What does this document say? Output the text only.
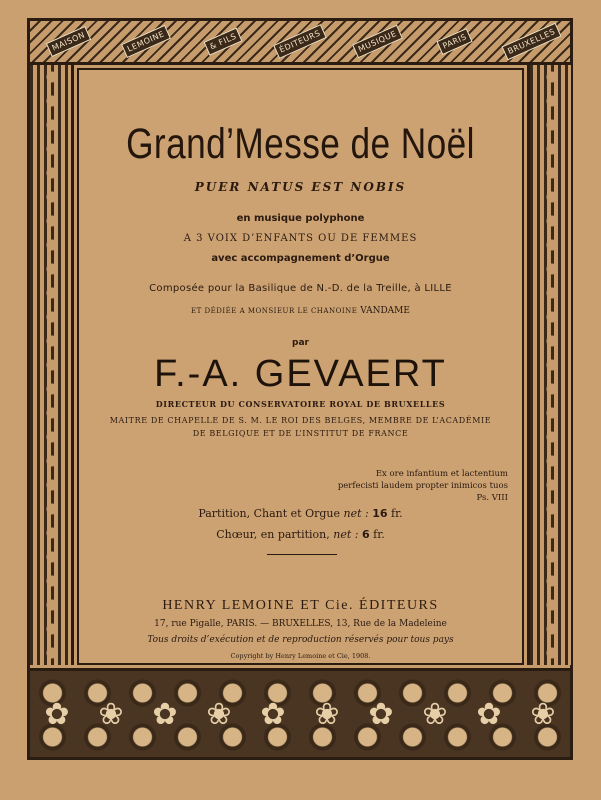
MAISON	LEMOINE	& FILS	ÉDITEURS	MUSIQUE	PARIS	BRUXELLES
✿ ❀ ✿ ❀ ✿ ❀ ✿ ❀ ✿ ❀
Grand’Messe de Noël
PUER NATUS EST NOBIS
en musique polyphone
A 3 VOIX D’ENFANTS OU DE FEMMES
avec accompagnement d’Orgue
Composée pour la Basilique de N.-D. de la Treille, à LILLE
ET DÉDIÉE A MONSIEUR LE CHANOINE VANDAME
par
F.-A. GEVAERT
DIRECTEUR DU CONSERVATOIRE ROYAL DE BRUXELLES
MAITRE DE CHAPELLE DE S. M. LE ROI DES BELGES, MEMBRE DE L’ACADÉMIE
DE BELGIQUE ET DE L’INSTITUT DE FRANCE
Ex ore infantium et lactentium
perfecisti laudem propter inimicos tuos
Ps. VIII
Partition, Chant et Orgue net : 16 fr.
Chœur, en partition, net : 6 fr.
HENRY LEMOINE ET Cie. ÉDITEURS
17, rue Pigalle, PARIS. — BRUXELLES, 13, Rue de la Madeleine
Tous droits d’exécution et de reproduction réservés pour tous pays
Copyright by Henry Lemoine et Cie, 1908.
